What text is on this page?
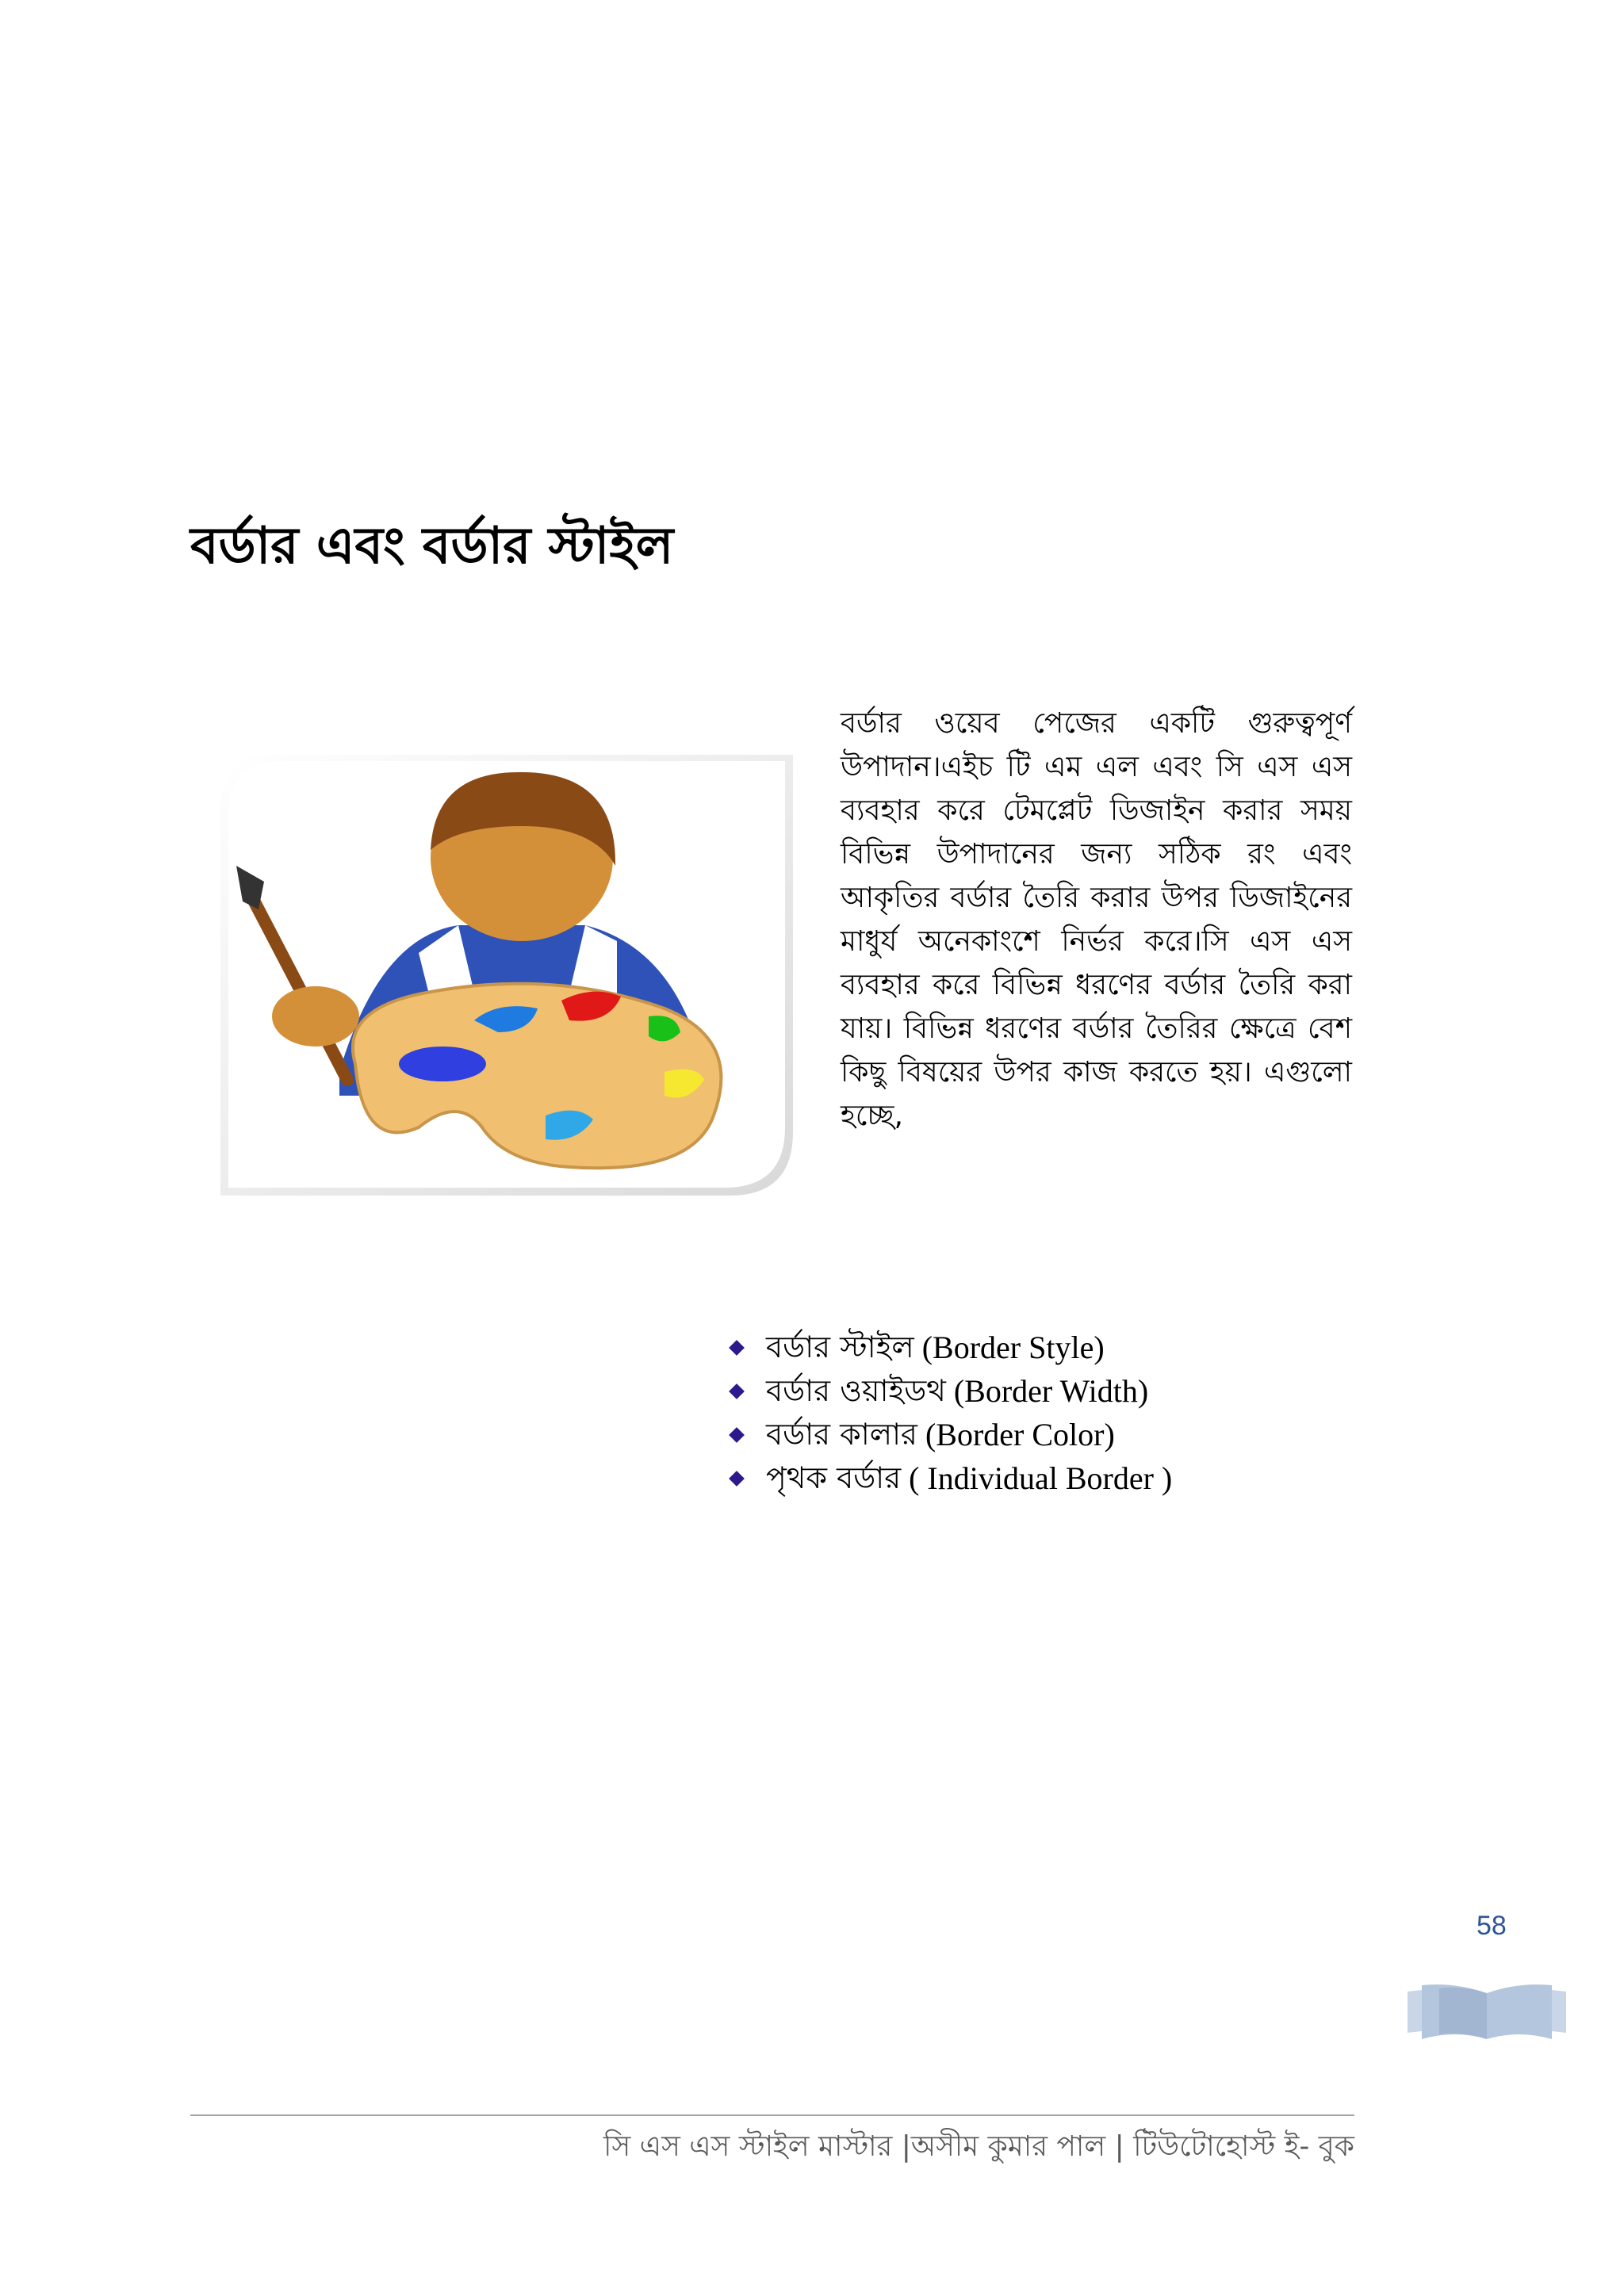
বর্ডার এবং বর্ডার স্টাইল

বর্ডার ওয়েব পেজের একটি গুরুত্বপূর্ণ উপাদান।এইচ টি এম এল এবং সি এস এস ব্যবহার করে টেমপ্লেট ডিজাইন করার সময় বিভিন্ন উপাদানের জন্য সঠিক রং এবং আকৃতির বর্ডার তৈরি করার উপর ডিজাইনের মাধুর্য অনেকাংশে নির্ভর করে।সি এস এস ব্যবহার করে বিভিন্ন ধরণের বর্ডার তৈরি করা যায়। বিভিন্ন ধরণের বর্ডার তৈরির ক্ষেত্রে বেশ কিছু বিষয়ের উপর কাজ করতে হয়। এগুলো হচ্ছে,

বর্ডার স্টাইল (Border Style)
বর্ডার ওয়াইডথ (Border Width)
বর্ডার কালার (Border Color)
পৃথক বর্ডার ( Individual Border )
58
সি এস এস স্টাইল মাস্টার |অসীম কুমার পাল | টিউটোহোস্ট ই- বুক
